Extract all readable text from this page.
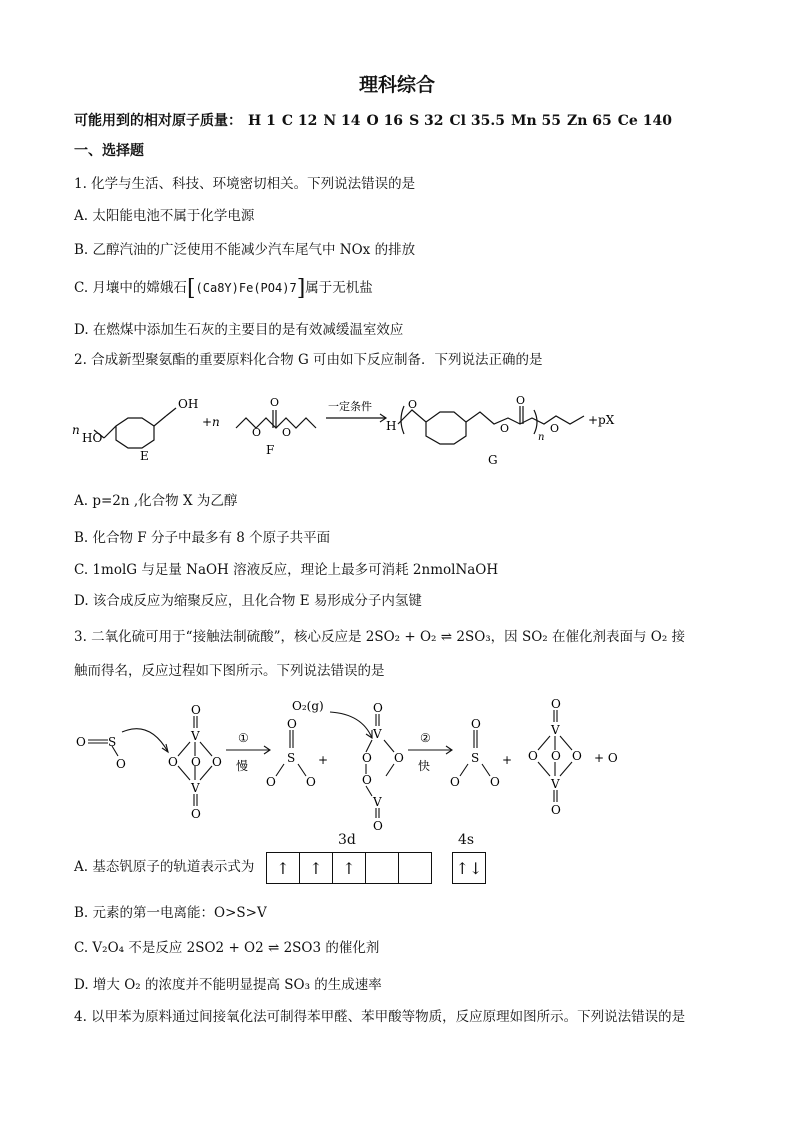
理科综合
可能用到的相对原子质量： H 1 C 12 N 14 O 16 S 32 Cl 35.5 Mn 55 Zn 65 Ce 140
一、选择题
1. 化学与生活、科技、环境密切相关。下列说法错误的是
A. 太阳能电池不属于化学电源
B. 乙醇汽油的广泛使用不能减少汽车尾气中 NOx 的排放
C. 月壤中的嫦娥石[(Ca8Y)Fe(PO4)7]属于无机盐
D. 在燃煤中添加生石灰的主要目的是有效减缓温室效应
2. 合成新型聚氨酯的重要原料化合物 G 可由如下反应制备．下列说法正确的是
n
HO
OH
E
+n
O
O
O
F
一定条件
H
O
O
O
O
n
+pX
G
A. p=2n ,化合物 X 为乙醇
B. 化合物 F 分子中最多有 8 个原子共平面
C. 1molG 与足量 NaOH 溶液反应，理论上最多可消耗 2nmolNaOH
D. 该合成反应为缩聚反应，且化合物 E 易形成分子内氢键
3. 二氧化硫可用于“接触法制硫酸”，核心反应是 2SO₂ + O₂ ⇌ 2SO₃，因 SO₂ 在催化剂表面与 O₂ 接
触而得名，反应过程如下图所示。下列说法错误的是
O S
O
O
V
O O O
V
O
①
慢
O
S
O	O
+
O₂(g)	O
V
O O
O
V
O
②
快
O
S
O	O
+
O
V
O O O
V
O
+ O
A. 基态钒原子的轨道表示式为
3d	4s
↑	↑	↑	↑↓
B. 元素的第一电离能：O>S>V
C. V₂O₄ 不是反应 2SO2 + O2 ⇌ 2SO3 的催化剂
D. 增大 O₂ 的浓度并不能明显提高 SO₃ 的生成速率
4. 以甲苯为原料通过间接氧化法可制得苯甲醛、苯甲酸等物质，反应原理如图所示。下列说法错误的是
